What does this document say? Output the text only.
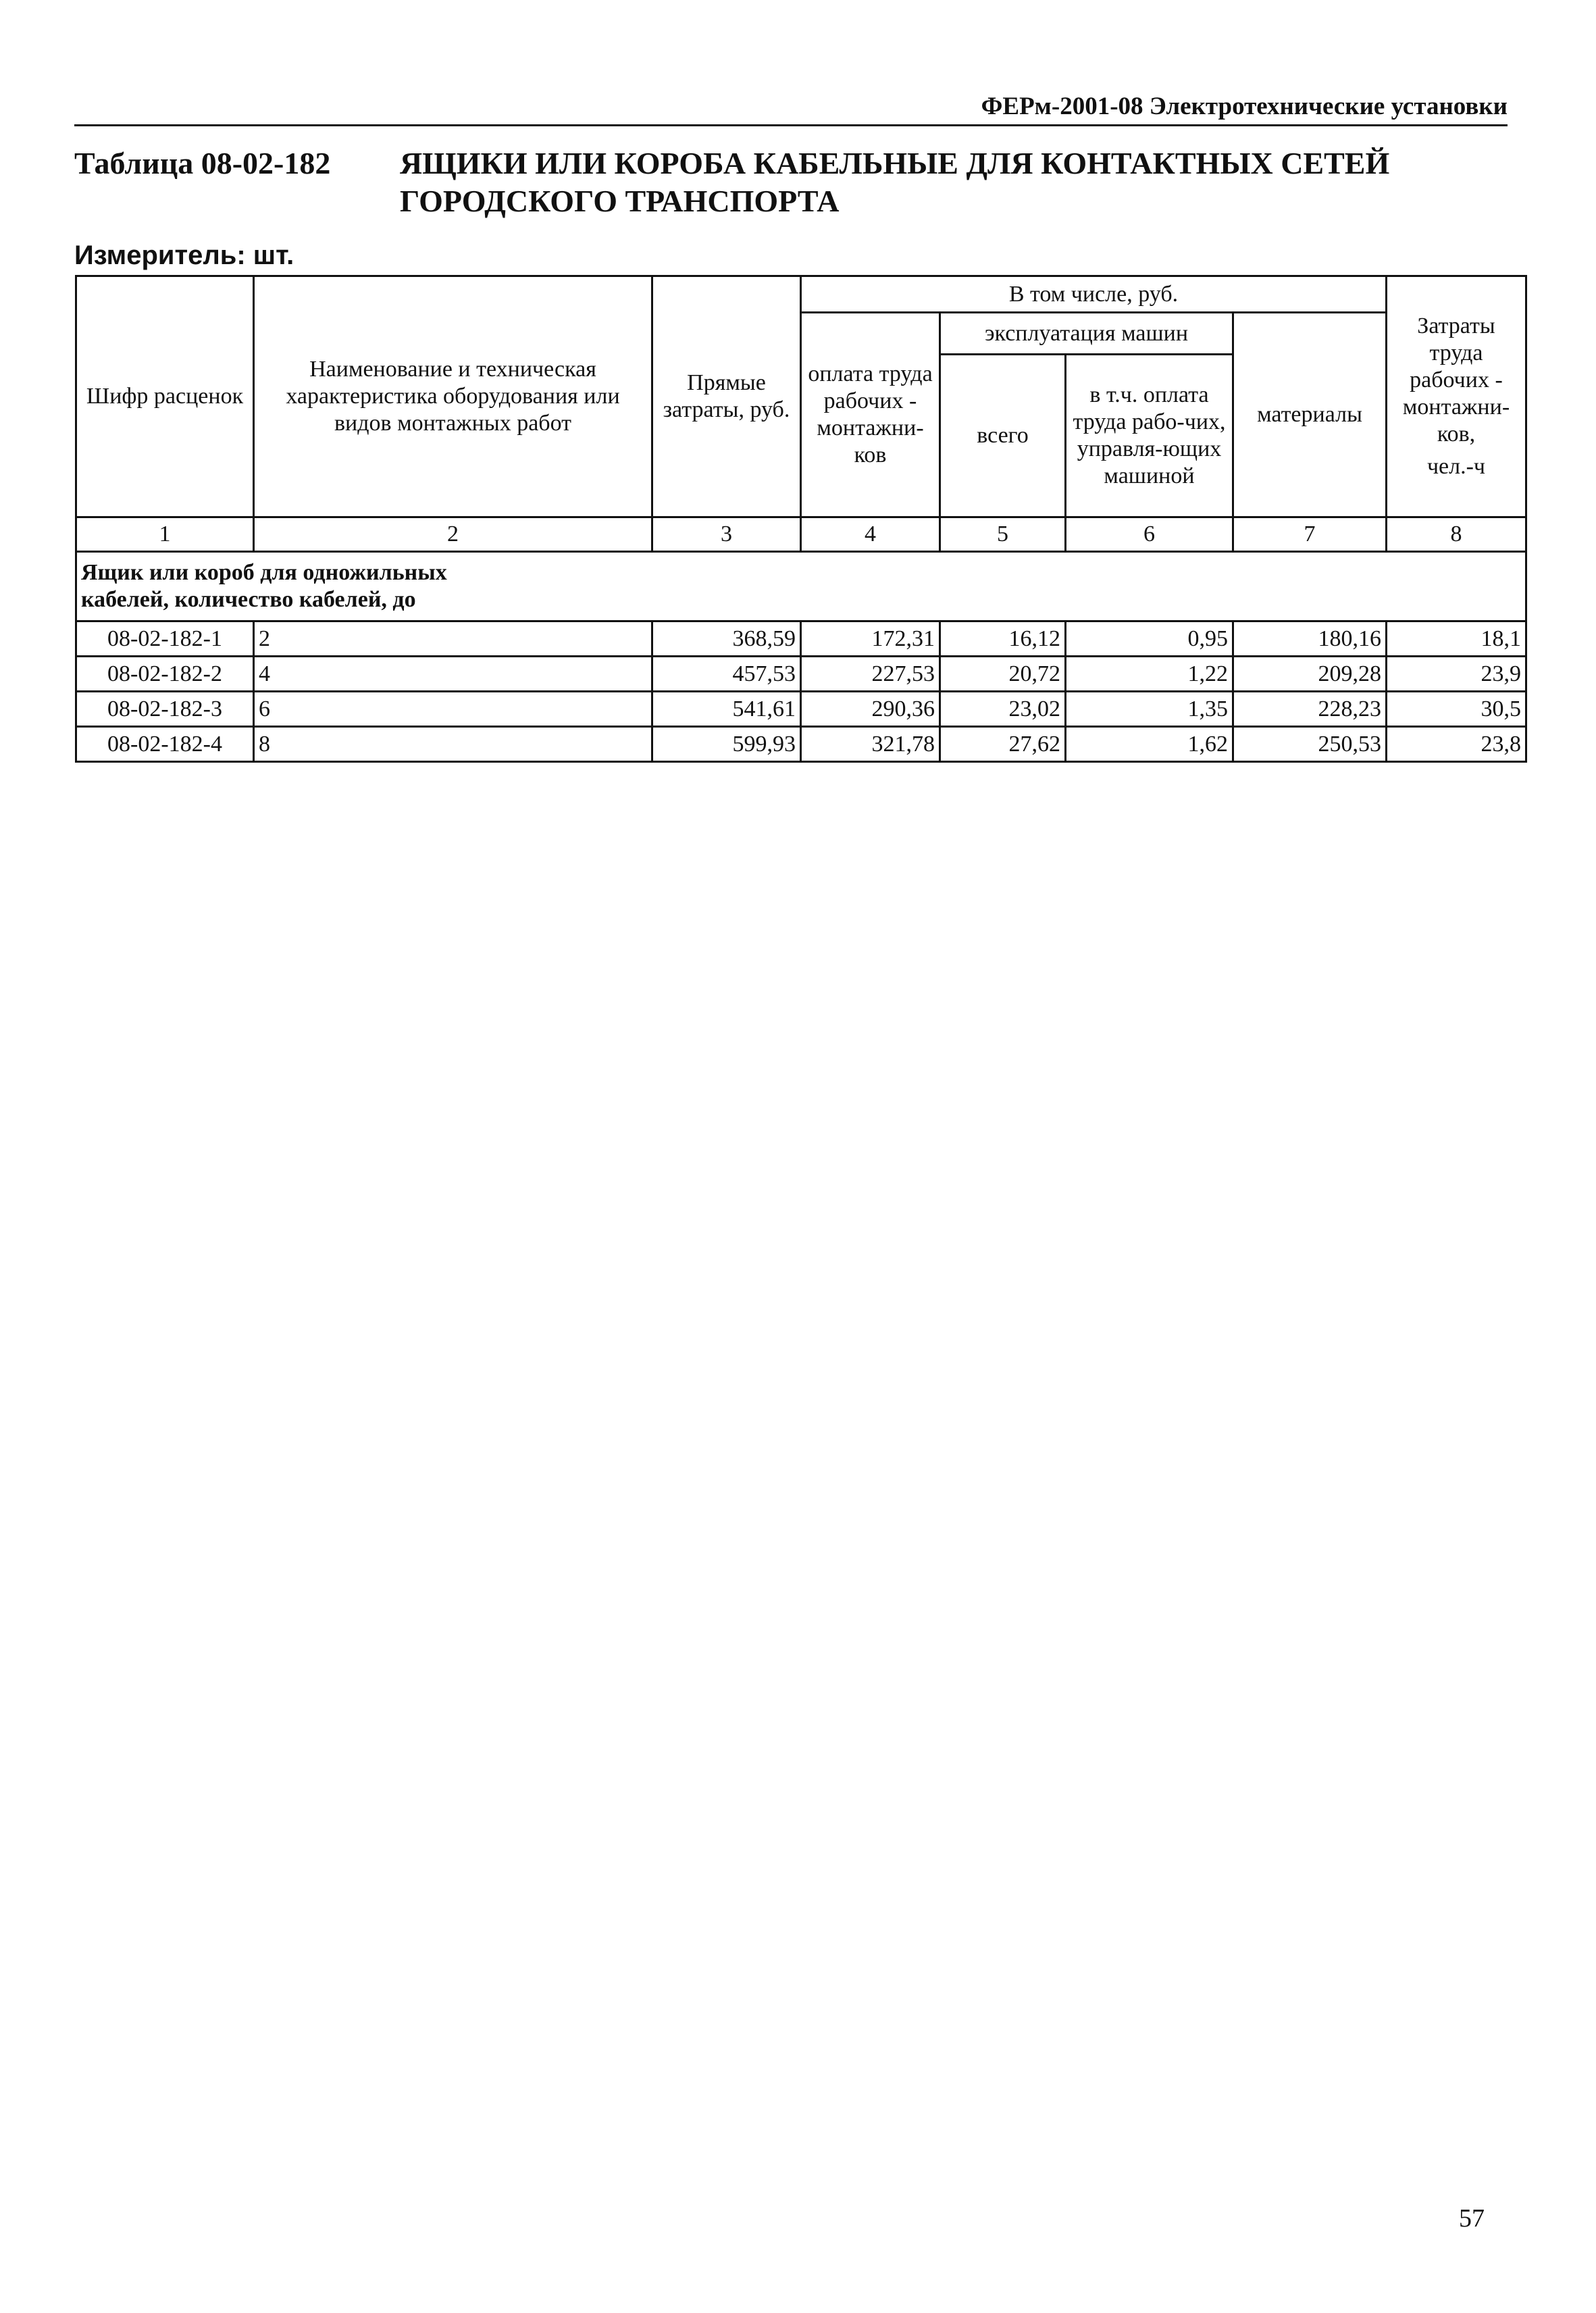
ФЕРм-2001-08 Электротехнические установки
Таблица 08-02-182 ЯЩИКИ ИЛИ КОРОБА КАБЕЛЬНЫЕ ДЛЯ КОНТАКТНЫХ СЕТЕЙ ГОРОДСКОГО ТРАНСПОРТА
Измеритель: шт.
Шифр расценок	Наименование и техническая характеристика оборудования или видов монтажных работ	Прямые затраты, руб.	В том числе, руб.				Затраты труда рабочих - монтажни-ков,
чел.-ч

			оплата труда рабочих - монтажни-ков	эксплуатация машин		материалы	
				всего	в т.ч. оплата труда рабо-чих, управля-ющих машиной		
1	2	3	4	5	6	7	8

Ящик или короб для одножильных кабелей, количество кабелей, до							

08-02-182-1	2	368,59	172,31	16,12	0,95	180,16	18,1
08-02-182-2	4	457,53	227,53	20,72	1,22	209,28	23,9
08-02-182-3	6	541,61	290,36	23,02	1,35	228,23	30,5
08-02-182-4	8	599,93	321,78	27,62	1,62	250,53	23,8
57
